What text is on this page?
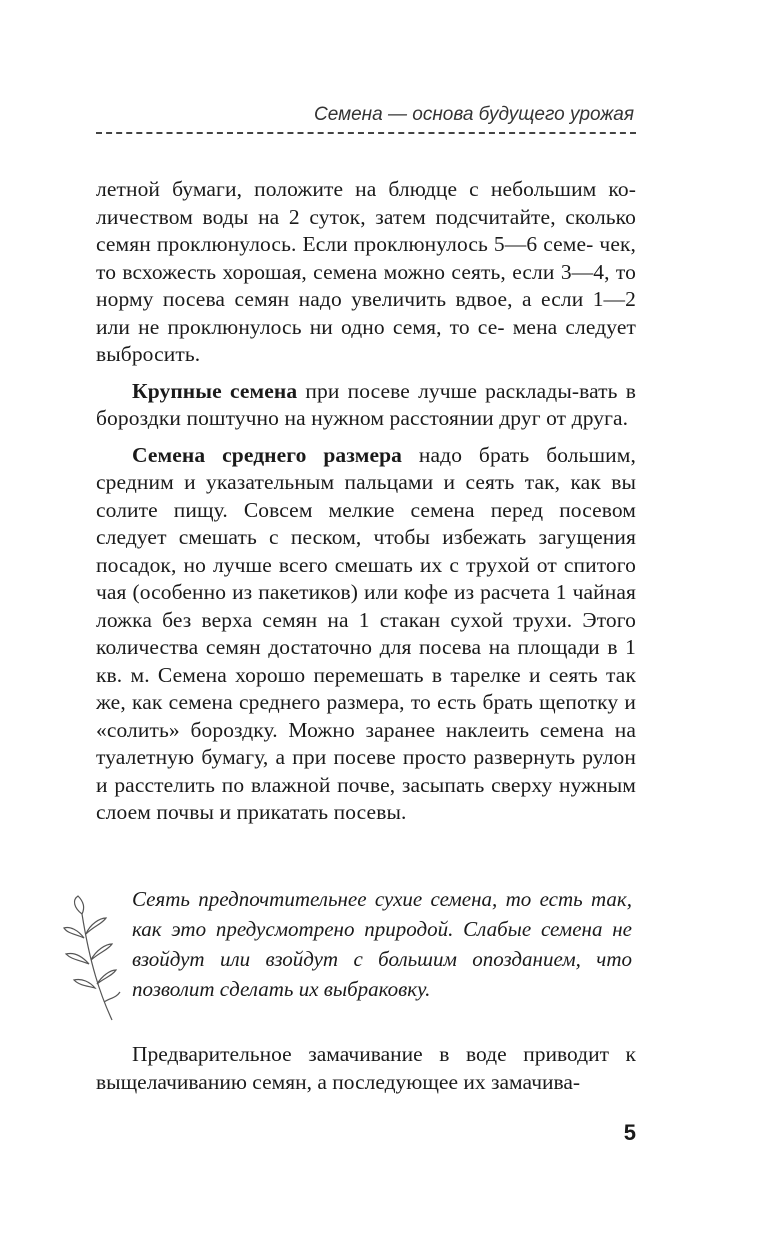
Семена — основа будущего урожая

летной бумаги, положите на блюдце с небольшим ко- личеством воды на 2 суток, затем подсчитайте, сколько семян проклюнулось. Если проклюнулось 5—6 семе- чек, то всхожесть хорошая, семена можно сеять, если 3—4, то норму посева семян надо увеличить вдвое, а если 1—2 или не проклюнулось ни одно семя, то се- мена следует выбросить.

Крупные семена при посеве лучше расклады-вать в бороздки поштучно на нужном расстоянии друг от друга.

Семена среднего размера надо брать большим, средним и указательным пальцами и сеять так, как вы солите пищу. Совсем мелкие семена перед посевом следует смешать с песком, чтобы избежать загущения посадок, но лучше всего смешать их с трухой от спитого чая (особенно из пакетиков) или кофе из расчета 1 чайная ложка без верха семян на 1 стакан сухой трухи. Этого количества семян достаточно для посева на площади в 1 кв. м. Семена хорошо перемешать в тарелке и сеять так же, как семена среднего размера, то есть брать щепотку и «солить» бороздку. Можно заранее наклеить семена на туалетную бумагу, а при посеве просто развернуть рулон и расстелить по влажной почве, засыпать сверху нужным слоем почвы и прикатать посевы.

Сеять предпочтительнее сухие семена, то есть так, как это предусмотрено природой. Слабые семена не взойдут или взойдут с большим опозданием, что позволит сделать их выбраковку.
Предварительное замачивание в воде приводит к выщелачиванию семян, а последующее их замачива-
5
